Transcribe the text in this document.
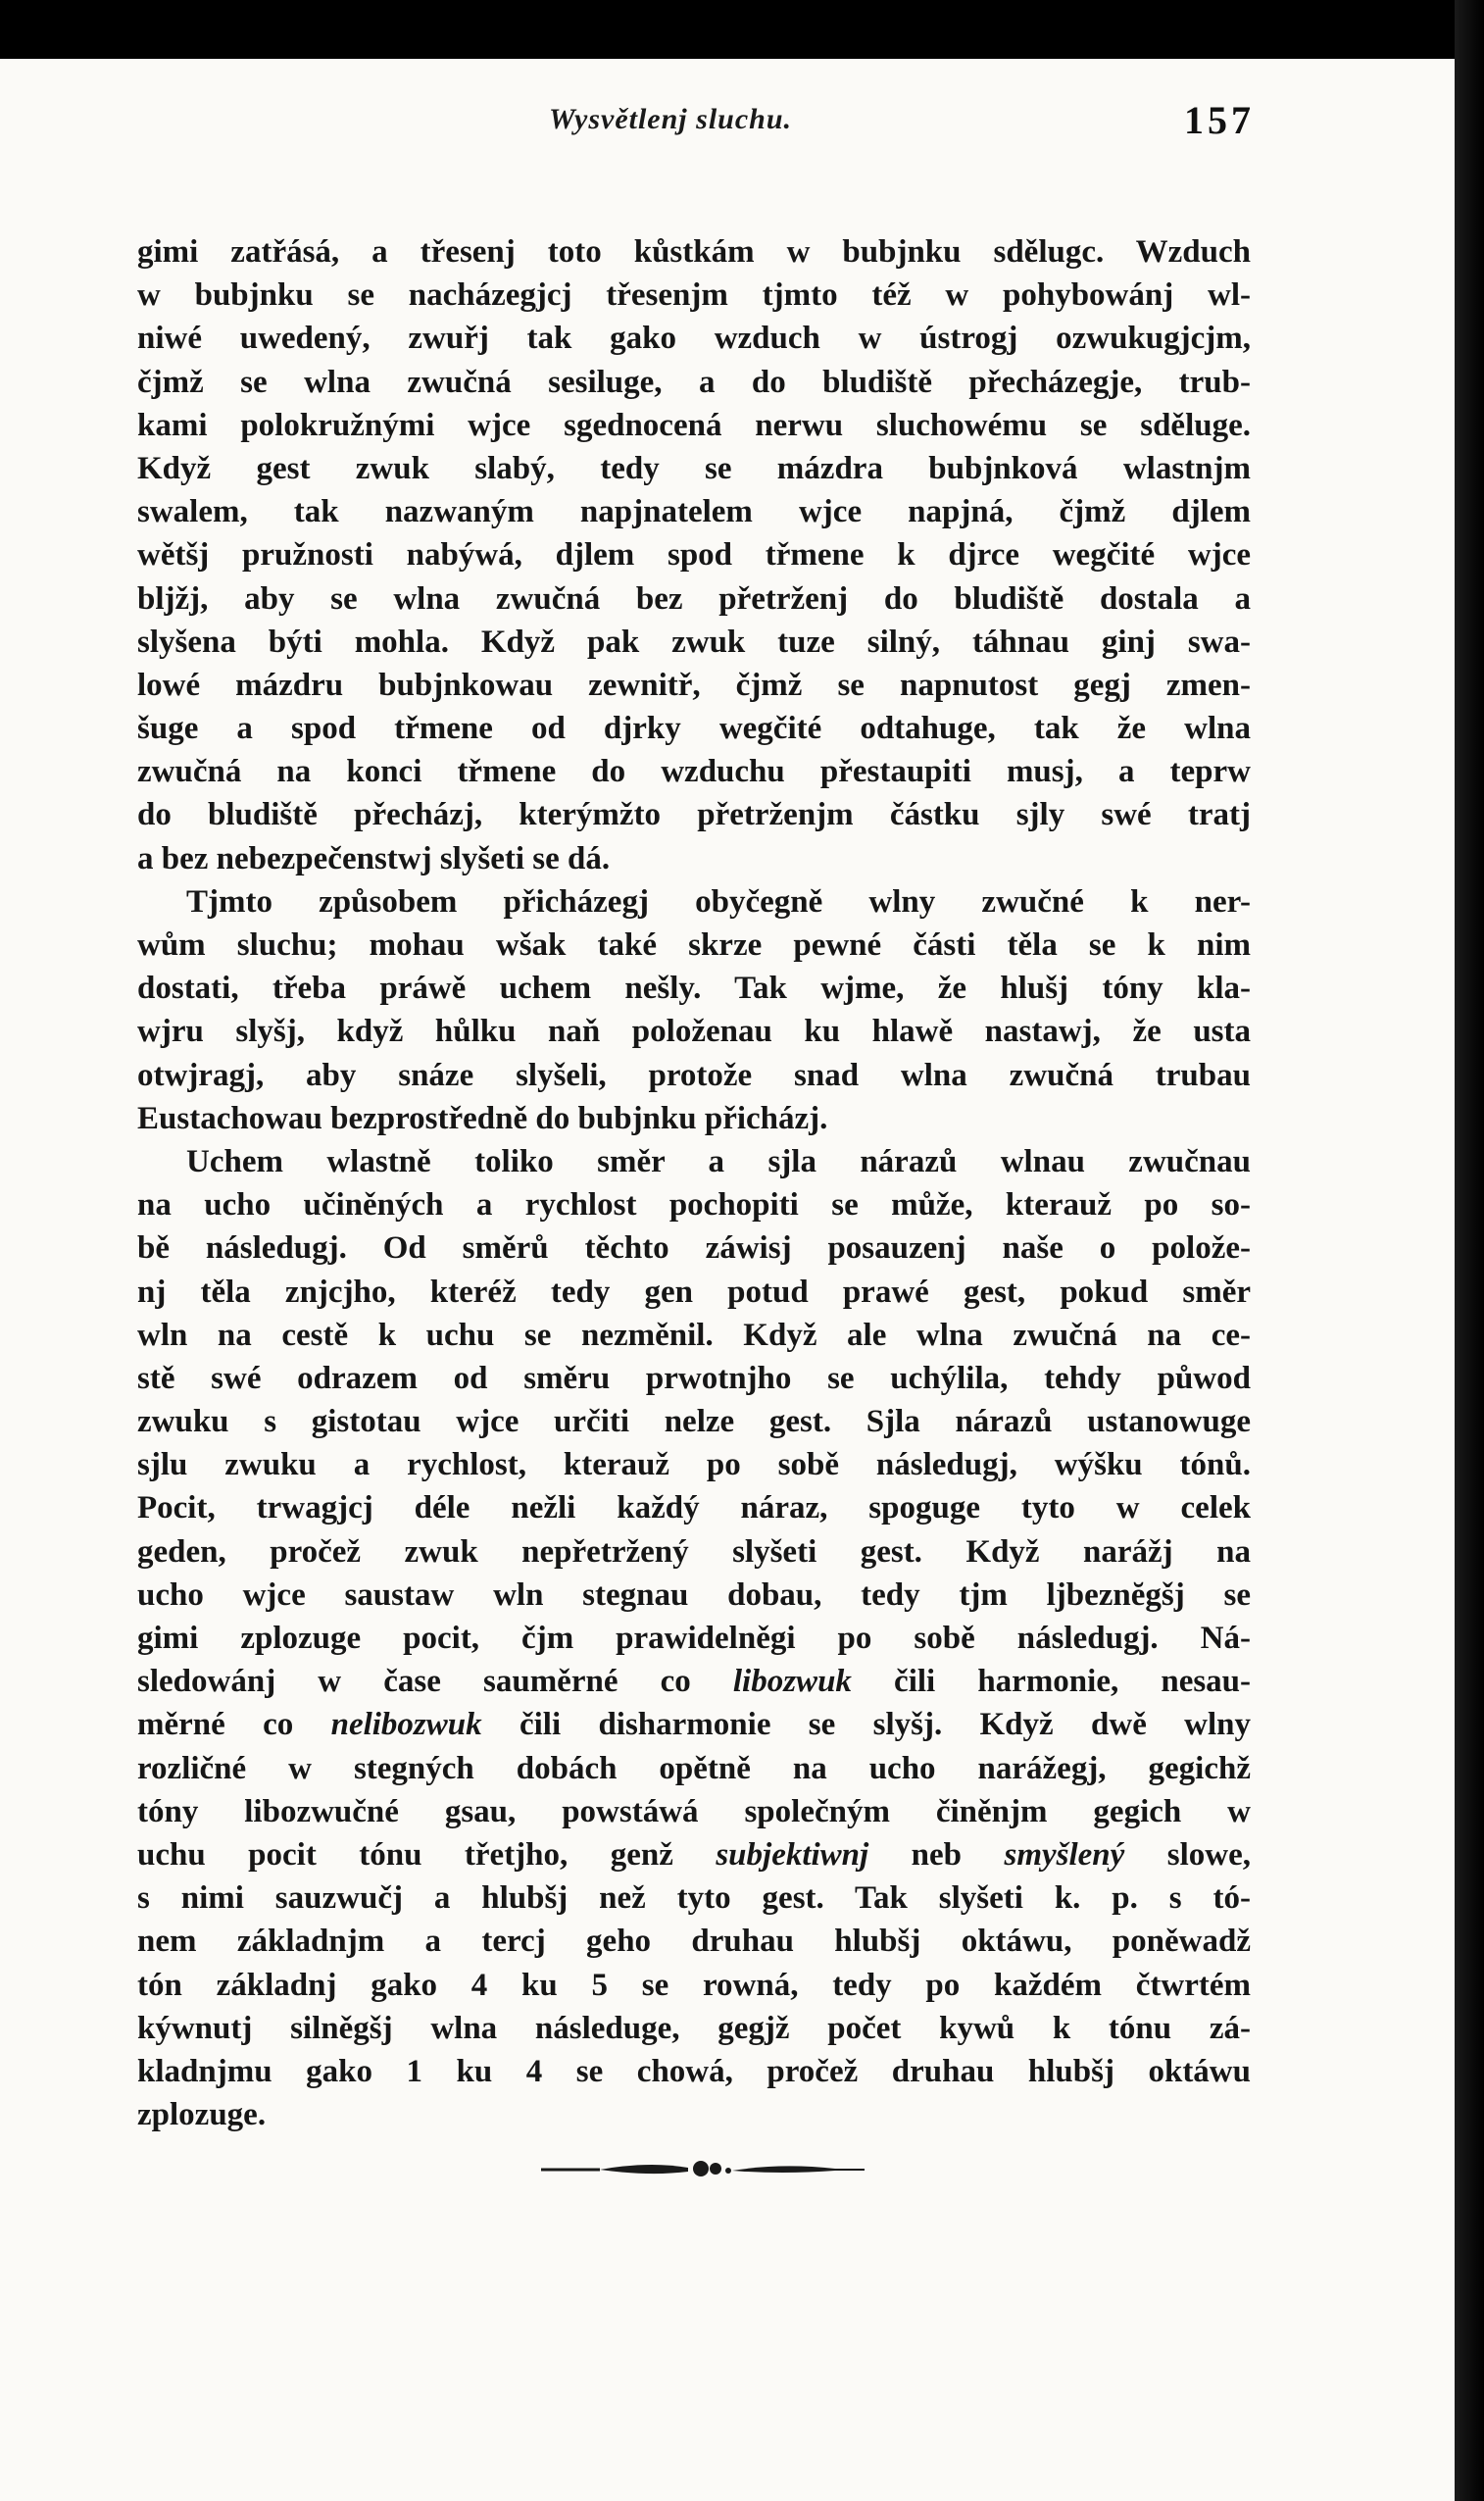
Wysvětlenj sluchu.	157
gimi zatřásá, a třesenj toto kůstkám w bubjnku sdělugc. Wzduch
w bubjnku se nacházegjcj třesenjm tjmto též w pohybowánj wl-
niwé uwedený, zwuřj tak gako wzduch w ústrogj ozwukugjcjm,
čjmž se wlna zwučná sesiluge, a do bludiště přecházegje, trub-
kami polokružnými wjce sgednocená nerwu sluchowému se sděluge.
Když gest zwuk slabý, tedy se mázdra bubjnková wlastnjm
swalem, tak nazwaným napjnatelem wjce napjná, čjmž djlem
wětšj pružnosti nabýwá, djlem spod třmene k djrce wegčité wjce
bljžj, aby se wlna zwučná bez přetrženj do bludiště dostala a
slyšena býti mohla. Když pak zwuk tuze silný, táhnau ginj swa-
lowé mázdru bubjnkowau zewnitř, čjmž se napnutost gegj zmen-
šuge a spod třmene od djrky wegčité odtahuge, tak že wlna
zwučná na konci třmene do wzduchu přestaupiti musj, a teprw
do bludiště přecházj, kterýmžto přetrženjm částku sjly swé tratj
a bez nebezpečenstwj slyšeti se dá.
Tjmto způsobem přicházegj obyčegně wlny zwučné k ner-
wům sluchu; mohau wšak také skrze pewné části těla se k nim
dostati, třeba práwě uchem nešly. Tak wjme, že hlušj tóny kla-
wjru slyšj, když hůlku naň položenau ku hlawě nastawj, že usta
otwjragj, aby snáze slyšeli, protože snad wlna zwučná trubau
Eustachowau bezprostředně do bubjnku přicházj.
Uchem wlastně toliko směr a sjla nárazů wlnau zwučnau
na ucho učiněných a rychlost pochopiti se může, kterauž po so-
bě následugj. Od směrů těchto záwisj posauzenj naše o polože-
nj těla znjcjho, kteréž tedy gen potud prawé gest, pokud směr
wln na cestě k uchu se nezměnil. Když ale wlna zwučná na ce-
stě swé odrazem od směru prwotnjho se uchýlila, tehdy půwod
zwuku s gistotau wjce určiti nelze gest. Sjla nárazů ustanowuge
sjlu zwuku a rychlost, kterauž po sobě následugj, wýšku tónů.
Pocit, trwagjcj déle nežli každý náraz, spoguge tyto w celek
geden, pročež zwuk nepřetržený slyšeti gest. Když narážj na
ucho wjce saustaw wln stegnau dobau, tedy tjm ljbeznĕgšj se
gimi zplozuge pocit, čjm prawidelněgi po sobě následugj. Ná-
sledowánj w čase sauměrné co libozwuk čili harmonie, nesau-
měrné co nelibozwuk čili disharmonie se slyšj. Když dwě wlny
rozličné w stegných dobách opětně na ucho narážegj, gegichž
tóny libozwučné gsau, powstáwá společným činěnjm gegich w
uchu pocit tónu třetjho, genž subjektiwnj neb smyšlený slowe,
s nimi sauzwučj a hlubšj než tyto gest. Tak slyšeti k. p. s tó-
nem základnjm a tercj geho druhau hlubšj oktáwu, poněwadž
tón základnj gako 4 ku 5 se rowná, tedy po každém čtwrtém
kýwnutj silněgšj wlna následuge, gegjž počet kywů k tónu zá-
kladnjmu gako 1 ku 4 se chowá, pročež druhau hlubšj oktáwu
zplozuge.
